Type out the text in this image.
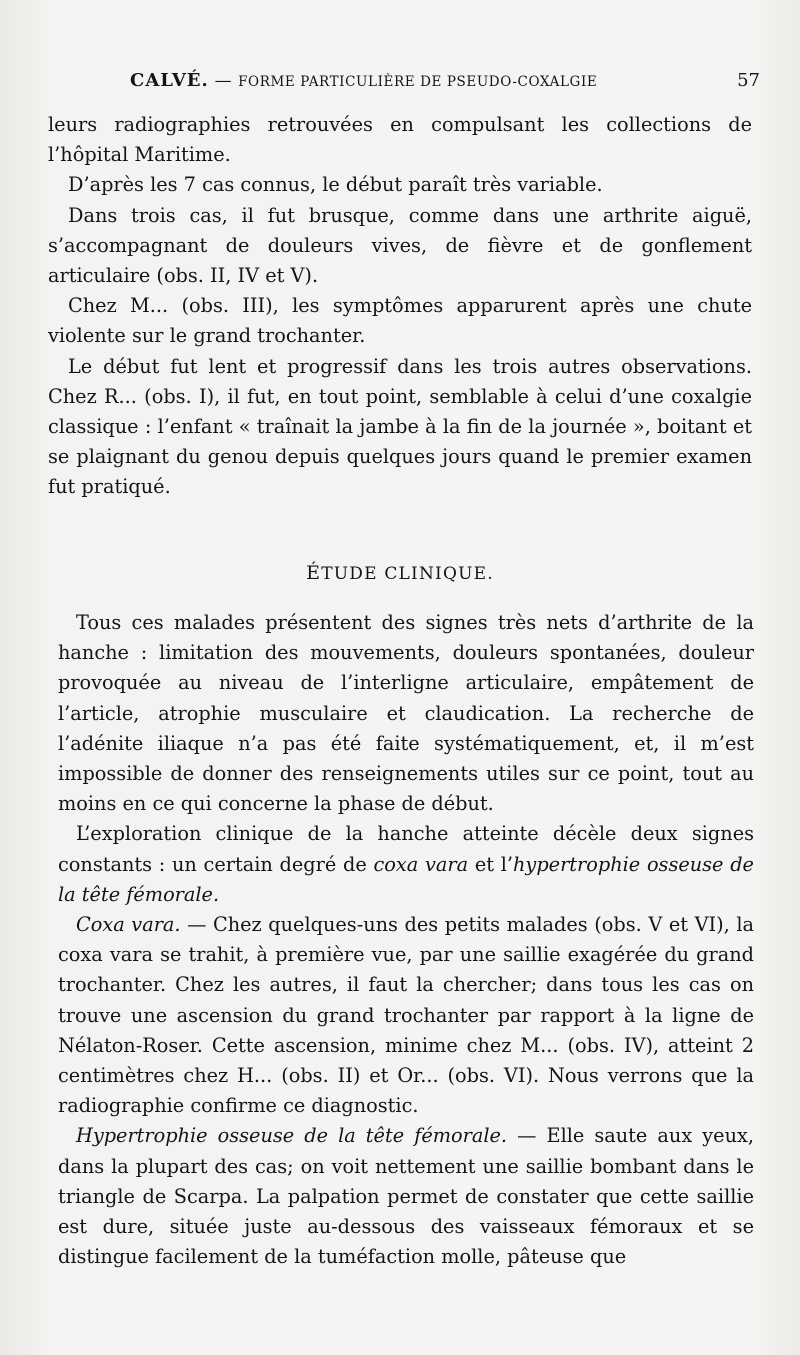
CALVÉ. — FORME PARTICULIÈRE DE PSEUDO-COXALGIE	57

leurs radiographies retrouvées en compulsant les collections de l’hôpital Maritime.

D’après les 7 cas connus, le début paraît très variable.

Dans trois cas, il fut brusque, comme dans une arthrite aiguë, s’accompagnant de douleurs vives, de fièvre et de gonflement articulaire (obs. II, IV et V).

Chez M... (obs. III), les symptômes apparurent après une chute violente sur le grand trochanter.

Le début fut lent et progressif dans les trois autres observations. Chez R... (obs. I), il fut, en tout point, semblable à celui d’une coxalgie classique : l’enfant « traînait la jambe à la fin de la journée », boitant et se plaignant du genou depuis quelques jours quand le premier examen fut pratiqué.

ÉTUDE CLINIQUE.

Tous ces malades présentent des signes très nets d’arthrite de la hanche : limitation des mouvements, douleurs spontanées, douleur provoquée au niveau de l’interligne articulaire, empâtement de l’article, atrophie musculaire et claudication. La recherche de l’adénite iliaque n’a pas été faite systématiquement, et, il m’est impossible de donner des renseignements utiles sur ce point, tout au moins en ce qui concerne la phase de début.

L’exploration clinique de la hanche atteinte décèle deux signes constants : un certain degré de coxa vara et l’hypertrophie osseuse de la tête fémorale.

Coxa vara. — Chez quelques-uns des petits malades (obs. V et VI), la coxa vara se trahit, à première vue, par une saillie exagérée du grand trochanter. Chez les autres, il faut la chercher; dans tous les cas on trouve une ascension du grand trochanter par rapport à la ligne de Nélaton-Roser. Cette ascension, minime chez M... (obs. IV), atteint 2 centimètres chez H... (obs. II) et Or... (obs. VI). Nous verrons que la radiographie confirme ce diagnostic.

Hypertrophie osseuse de la tête fémorale. — Elle saute aux yeux, dans la plupart des cas; on voit nettement une saillie bombant dans le triangle de Scarpa. La palpation permet de constater que cette saillie est dure, située juste au-dessous des vaisseaux fémoraux et se distingue facilement de la tuméfaction molle, pâteuse que
